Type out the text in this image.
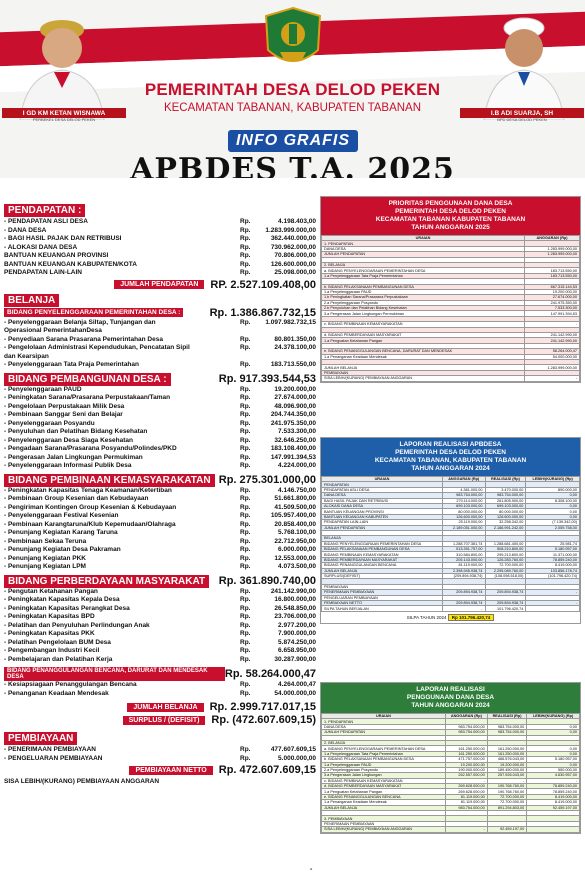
I GD KM KETAN WISNAWA
PERBEKEL DESA DELOD PEKEN
I.B ADI SUARJA, SH
BPD DESA DELOD PEKEN
PEMERINTAH DESA DELOD PEKEN
KECAMATAN TABANAN, KABUPATEN TABANAN
INFO GRAFIS
APBDES T.A. 2025
PENDAPATAN :
- PENDAPATAN ASLI DESA	Rp.	4.198.403,00
- DANA DESA	Rp.	1.283.999.000,00
- BAGI HASIL PAJAK DAN RETRIBUSI	Rp.	362.440.000,00
- ALOKASI DANA DESA	Rp.	730.962.000,00
BANTUAN KEUANGAN PROVINSI	Rp.	70.806.000,00
BANTUAN KEUANGAN KABUPATEN/KOTA	Rp.	126.600.000,00
PENDAPATAN LAIN-LAIN	Rp.	25.098.000,00
JUMLAH PENDAPATAN	RP. 2.527.109.408,00
BELANJA
BIDANG PENYELENGGARAAN PEMERINTAHAN DESA :	Rp. 1.386.867.732,15
- Penyelenggaraan Belanja Siltap, Tunjangan dan	Rp.	1.097.982.732,15
Operasional PemerintahanDesa
- Penyediaan Sarana Prasarana Pemerintahan Desa	Rp.	80.801.350,00
- Pengelolaan Administrasi Kependudukan, Pencatatan Sipil	Rp.	24.378.100,00
dan Kearsipan
- Penyelenggaraan Tata Praja Pemerintahan	Rp.	183.713.550,00
BIDANG PEMBANGUNAN DESA :	Rp. 917.393.544,53
- Penyelenggaraan PAUD	Rp.	19.200.000,00
- Peningkatan Sarana/Prasarana Perpustakaan/Taman	Rp.	27.674.000,00
- Pengelolaan Perpustakaan Milik Desa	Rp.	48.096.900,00
- Pembinaan Sanggar Seni dan Belajar	Rp.	204.744.350,00
- Penyelenggaraan Posyandu	Rp.	241.975.350,00
- Penyuluhan dan Pelatihan Bidang Kesehatan	Rp.	7.533.300,00
- Penyelenggaraan Desa Siaga Kesehatan	Rp.	32.646.250,00
- Pengadaan Sarana/Prasarana Posyandu/Polindes/PKD	Rp.	183.108.400,00
- Pengerasan Jalan Lingkungan Permukiman	Rp.	147.991.394,53
- Penyelenggaraan Informasi Publik Desa	Rp.	4.224.000,00
BIDANG PEMBINAAN KEMASYARAKATAN Rp. 275.301.000,00
- Peningkatan Kapasitas Tenaga Keamanan/Ketertiban	Rp.	4.146.750,00
- Pembinaan Group Kesenian dan Kebudayaan	Rp.	51.661.800,00
- Pengiriman Kontingen Group Kesenian & Kebudayaan	Rp.	41.509.500,00
- Penyelenggaraan Festival Kesenian	Rp.	105.957.400,00
- Pembinaan Karangtaruna/Klub Kepemudaan/Olahraga	Rp.	20.858.400,00
- Penunjang Kegiatan Karang Taruna	Rp.	5.768.100,00
- Pembinaan Sekaa Teruna	Rp.	22.712.950,00
- Penunjang Kegiatan Desa Pakraman	Rp.	6.000.000,00
- Penunjang Kegiatan PKK	Rp.	12.553.000,00
- Penunjang Kegiatan LPM	Rp.	4.073.500,00
BIDANG PERBERDAYAAN MASYARAKAT	Rp. 361.890.740,00
- Pengutan Ketahanan Pangan	Rp.	241.142.990,00
- Peningkatan Kapasitas Kepala Desa	Rp.	16.800.000,00
- Peningkatan Kapasitas Perangkat Desa	Rp.	26.548.850,00
- Peningkatan Kapasitas BPD	Rp.	23.706.000,00
- Pelatihan dan Penyuluhan Perlindungan Anak	Rp.	2.977.200,00
- Peningkatan Kapasitas PKK	Rp.	7.900.000,00
- Pelatihan Pengelolaan BUM Desa	Rp.	5.874.250,00
- Pengembangan Industri Kecil	Rp.	6.658.950,00
- Pembelajaran dan Pelatihan Kerja	Rp.	30.287.900,00
BIDANG PENANGGULANGAN BENCANA, DARURAT DAN MENDESAK DESA	Rp. 58.264.000,47
- Kesiapsiagaan Penanggulangan Bencana	Rp.	4.264.000,47
- Penanganan Keadaan Mendesak	Rp.	54.000.000,00
JUMLAH BELANJA	Rp. 2.999.717.017,15
SURPLUS / (DEFISIT)	Rp. (472.607.609,15)
PEMBIAYAAN
- PENERIMAAN PEMBIAYAAN	Rp.	477.607.609,15
- PENGELUARAN PEMBIAYAAN	Rp.	5.000.000,00
PEMBIAYAAN NETTO	Rp. 472.607.609,15
SISA LEBIH/(KURANG) PEMBIAYAAN ANGGARAN
-
PRIORITAS PENGGUNAAN DANA DESA
PEMERINTAH DESA DELOD PEKEN
KECAMATAN TABANAN KABUPATEN TABANAN
TAHUN ANGGARAN 2025
URAIAN	ANGGARAN (Rp)
1. PENDAPATAN	
DANA DESA	1.283.999.000,00
JUMLAH PENDAPATAN	1.283.999.000,00

2. BELANJA	
a. BIDANG PENYELENGGARAAN PEMERINTAHAN DESA	183.713.550,00
1.a Penyelenggaraan Tata Praja Pemerintahan	183.713.550,00

b. BIDANG PELAKSANAAN PEMBANGUNAN DESA	667.315.144,53
1.a Penyelenggaraan PAUD	19.200.000,00
1.b Peningkatan Sarana/Prasarana Perpustakaan	27.674.000,00
2.a Penyelenggaraan Posyandu	241.975.350,00
2.b Penyuluhan dan Pelatihan Bidang Kesehatan	7.533.300,00
3.a Pengerasan Jalan Lingkungan Permukiman	147.991.394,53

c. BIDANG PEMBINAAN KEMASYARAKATAN	-

d. BIDANG PEMBERDAYAAN MASYARAKAT	241.142.990,00
1.a Penguatan Ketahanan Pangan	241.142.990,00

e. BIDANG PENANGGULANGAN BENCANA, DARURAT DAN MENDESAK	58.264.000,47
1.a Penanganan Keadaan Mendesak	54.000.000,00

JUMLAH BELANJA	1.283.999.000,00
PEMBIAYAAN	
SISA LEBIH/(KURANG) PEMBIAYAAN ANGGARAN	-
LAPORAN REALISASI APBDESA
PEMERINTAH DESA DELOD PEKEN
KECAMATAN TABANAN, KABUPATEN TABANAN
TAHUN ANGGARAN 2024
URAIAN	ANGGARAN (Rp)	REALISASI (Rp)	LEBIH/(KURANG) (Rp)
PENDAPATAN			
PENDAPATAN ASLI DESA	4.361.000,00	3.470.000,00	890.000,00
DANA DESA	983.754.000,00	983.754.000,00	0,00
BAGI HASIL PAJAK DAN RETRIBUSI	270.114.000,00	261.805.900,00	8.308.100,00
ALOKASI DANA DESA	699.103.000,00	699.103.000,00	0,00
BANTUAN KEUANGAN PROVINSI	80.000.000,00	80.000.000,00	0,00
BANTUAN KEUANGAN KABUPATEN	126.600.000,00	126.600.000,00	0,00
PENDAPATAN LAIN-LAIN	25.119.000,00	32.258.342,00	(7.139.342,00)
JUMLAH PENDAPATAN	2.189.051.000,00	2.186.991.242,00	2.059.758,00

BELANJA			
BIDANG PENYELENGGARAAN PEMERINTAHAN DESA	1.288.707.381,74	1.288.681.400,00	25.981,74
BIDANG PELAKSANAAN PEMBANGUNAN DESA	513.391.757,00	508.210.800,00	5.180.957,00
BIDANG PEMBINAAN KEMASYARAKATAN	310.584.800,00	299.213.800,00	11.371.000,00
BIDANG PEMBERDAYAAN MASYARAKAT	205.143.000,00	126.283.760,00	78.859.240,00
BIDANG PENANGGULANGAN BENCANA	81.119.000,00	72.700.000,00	8.419.000,00
JUMLAH BELANJA	2.398.945.938,74	2.295.089.760,00	103.856.178,74
SURPLUS/(DEFISIT)	(209.894.938,74)	(108.098.518,00)	(101.796.420,74)

PEMBIAYAAN			
PENERIMAAN PEMBIAYAAN	209.894.938,74	209.894.938,74	-
PENGELUARAN PEMBIAYAAN			
PEMBIAYAAN NETTO	209.894.938,74	209.894.938,74	-
SILPA TAHUN BERJALAN	-	101.796.420,74	
SILPA TAHUN 2024 Rp 101.796.420,74
LAPORAN REALISASI
PENGGUNAAN DANA DESA
TAHUN ANGGARAN 2024
URAIAN	ANGGARAN (Rp)	REALISASI (Rp)	LEBIH/(KURANG) (Rp)
1. PENDAPATAN			
DANA DESA	983.754.000,00	983.754.000,00	0,00
JUMLAH PENDAPATAN	983.754.000,00	983.754.000,00	0,00

2. BELANJA			
a. BIDANG PENYELENGGARAAN PEMERINTAHAN DESA	161.250.000,00	161.250.000,00	0,00
1.a Penyelenggaraan Tata Praja Pemerintahan	161.250.000,00	161.250.000,00	0,00
b. BIDANG PELAKSANAAN PEMBANGUNAN DESA	471.757.000,00	466.576.043,00	5.180.957,00
1.a Penyelenggaraan PAUD	19.200.000,00	19.200.000,00	0,00
2.a Penyelenggaraan Posyandu	190.000.000,00	189.450.000,00	550.000,00
3.a Pengerasan Jalan Lingkungan	262.557.000,00	257.926.043,00	4.630.957,00
c. BIDANG PEMBINAAN KEMASYARAKATAN	-	-	-
d. BIDANG PEMBERDAYAAN MASYARAKAT	269.628.000,00	190.768.760,00	78.859.240,00
1.a Penguatan Ketahanan Pangan	269.628.000,00	190.768.760,00	78.859.240,00
e. BIDANG PENANGGULANGAN BENCANA	81.119.000,00	72.700.000,00	8.419.000,00
1.a Penanganan Keadaan Mendesak	81.119.000,00	72.700.000,00	8.419.000,00
JUMLAH BELANJA	983.754.000,00	891.294.803,00	92.459.197,00

3. PEMBIAYAAN			
PENERIMAAN PEMBIAYAAN			
SISA LEBIH/(KURANG) PEMBIAYAAN ANGGARAN	-	92.459.197,00	
